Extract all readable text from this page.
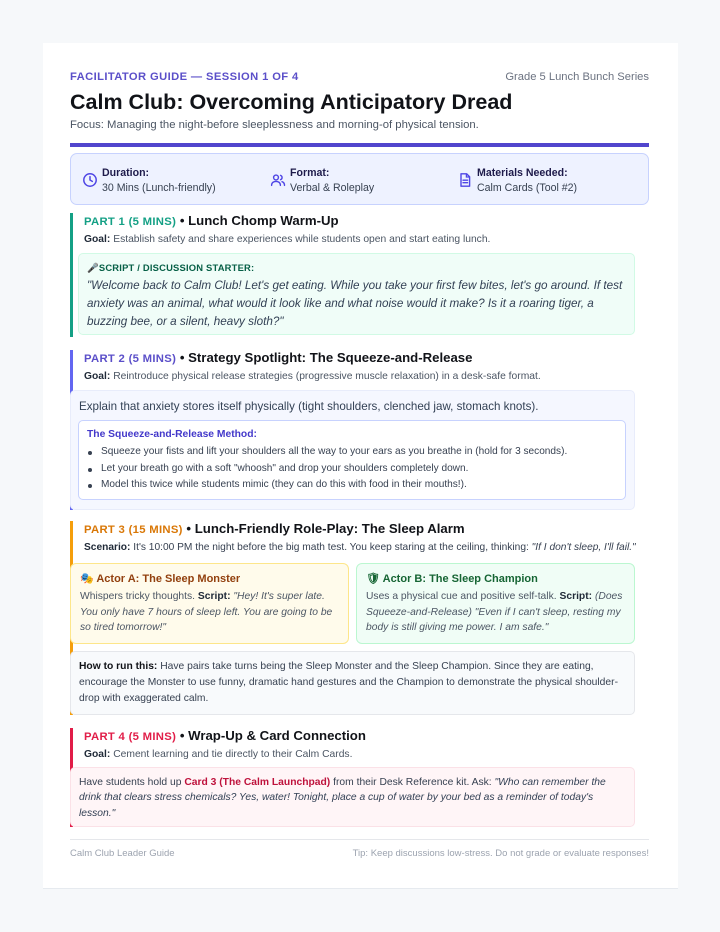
FACILITATOR GUIDE — SESSION 1 OF 4	Grade 5 Lunch Bunch Series
Calm Club: Overcoming Anticipatory Dread
Focus: Managing the night-before sleeplessness and morning-of physical tension.
Duration:
30 Mins (Lunch-friendly)
Format:
Verbal & Roleplay
Materials Needed:
Calm Cards (Tool #2)
PART 1 (5 MINS) • Lunch Chomp Warm-Up
Goal: Establish safety and share experiences while students open and start eating lunch.
🎤SCRIPT / DISCUSSION STARTER:
"Welcome back to Calm Club! Let's get eating. While you take your first few bites, let's go around. If test anxiety was an animal, what would it look like and what noise would it make? Is it a roaring tiger, a buzzing bee, or a silent, heavy sloth?"
PART 2 (5 MINS) • Strategy Spotlight: The Squeeze-and-Release
Goal: Reintroduce physical release strategies (progressive muscle relaxation) in a desk-safe format.
Explain that anxiety stores itself physically (tight shoulders, clenched jaw, stomach knots).
The Squeeze-and-Release Method:
Squeeze your fists and lift your shoulders all the way to your ears as you breathe in (hold for 3 seconds).
Let your breath go with a soft "whoosh" and drop your shoulders completely down.
Model this twice while students mimic (they can do this with food in their mouths!).
PART 3 (15 MINS) • Lunch-Friendly Role-Play: The Sleep Alarm
Scenario: It's 10:00 PM the night before the big math test. You keep staring at the ceiling, thinking: "If I don't sleep, I'll fail."
🎭 Actor A: The Sleep Monster
Whispers tricky thoughts. Script: "Hey! It's super late. You only have 7 hours of sleep left. You are going to be so tired tomorrow!"
🛡 Actor B: The Sleep Champion
Uses a physical cue and positive self-talk. Script: (Does Squeeze-and-Release) "Even if I can't sleep, resting my body is still giving me power. I am safe."
How to run this: Have pairs take turns being the Sleep Monster and the Sleep Champion. Since they are eating, encourage the Monster to use funny, dramatic hand gestures and the Champion to demonstrate the physical shoulder-drop with exaggerated calm.
PART 4 (5 MINS) • Wrap-Up & Card Connection
Goal: Cement learning and tie directly to their Calm Cards.
Have students hold up Card 3 (The Calm Launchpad) from their Desk Reference kit. Ask: "Who can remember the drink that clears stress chemicals? Yes, water! Tonight, place a cup of water by your bed as a reminder of today's lesson."
Calm Club Leader Guide	Tip: Keep discussions low-stress. Do not grade or evaluate responses!
